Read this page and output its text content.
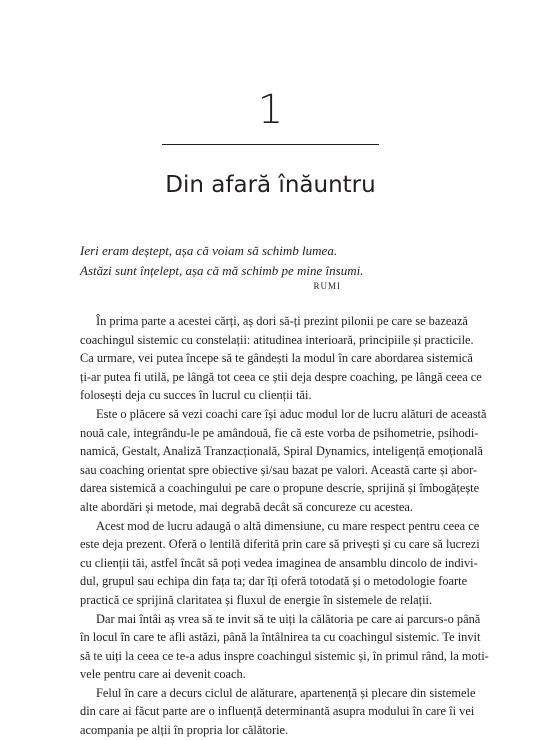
1
Din afară înăuntru
Ieri eram deștept, așa că voiam să schimb lumea.
Astăzi sunt înțelept, așa că mă schimb pe mine însumi.
RUMI
În prima parte a acestei cărți, aș dori să-ți prezint pilonii pe care se bazează
coachingul sistemic cu constelații: atitudinea interioară, principiile și practicile.
Ca urmare, vei putea începe să te gândești la modul în care abordarea sistemică
ți-ar putea fi utilă, pe lângă tot ceea ce știi deja despre coaching, pe lângă ceea ce
folosești deja cu succes în lucrul cu clienții tăi.
Este o plăcere să vezi coachi care își aduc modul lor de lucru alături de această
nouă cale, integrându-le pe amândouă, fie că este vorba de psihometrie, psihodi-
namică, Gestalt, Analiză Tranzacțională, Spiral Dynamics, inteligență emoțională
sau coaching orientat spre obiective și/sau bazat pe valori. Această carte și abor-
darea sistemică a coachingului pe care o propune descrie, sprijină și îmbogățește
alte abordări și metode, mai degrabă decât să concureze cu acestea.
Acest mod de lucru adaugă o altă dimensiune, cu mare respect pentru ceea ce
este deja prezent. Oferă o lentilă diferită prin care să privești și cu care să lucrezi
cu clienții tăi, astfel încât să poți vedea imaginea de ansamblu dincolo de indivi-
dul, grupul sau echipa din fața ta; dar îți oferă totodată și o metodologie foarte
practică ce sprijină claritatea și fluxul de energie în sistemele de relații.
Dar mai întâi aș vrea să te invit să te uiți la călătoria pe care ai parcurs-o până
în locul în care te afli astăzi, până la întâlnirea ta cu coachingul sistemic. Te invit
să te uiți la ceea ce te-a adus inspre coachingul sistemic și, în primul rând, la moti-
vele pentru care ai devenit coach.
Felul în care a decurs ciclul de alăturare, apartenență și plecare din sistemele
din care ai făcut parte are o influență determinantă asupra modului în care îi vei
acompania pe alții în propria lor călătorie.
